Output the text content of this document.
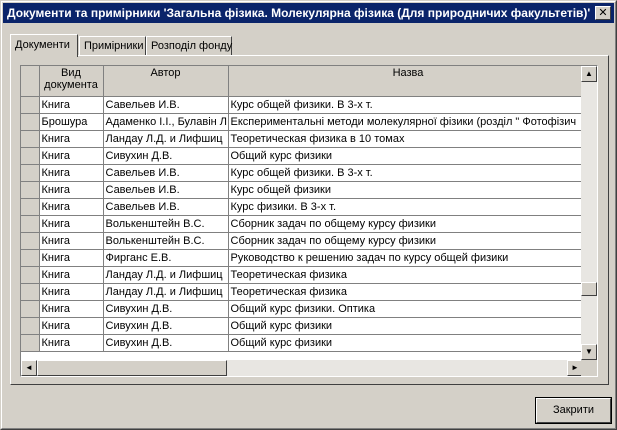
Документи та примірники 'Загальна фізика. Молекулярна фізика (Для природничих факультетів)' ✕
Документи	Примірники Розподіл фонду
	Вид документа	Автор	Назва
	Книга	Савельев И.В.	Курс общей физики. В 3-х т.
	Брошура	Адаменко І.І., Булавін Л	Експериментальні методи молекулярної фізики (розділ " Фотофізич
	Книга	Ландау Л.Д. и Лифшиц	Теоретическая физика в 10 томах
	Книга	Сивухин Д.В.	Общий курс физики
	Книга	Савельев И.В.	Курс общей физики. В 3-х т.
	Книга	Савельев И.В.	Курс общей физики
	Книга	Савельев И.В.	Курс физики. В 3-х т.
	Книга	Волькенштейн В.С.	Сборник задач по общему курсу физики
	Книга	Волькенштейн В.С.	Сборник задач по общему курсу физики
	Книга	Фирганс Е.В.	Руководство к решению задач по курсу общей физики
	Книга	Ландау Л.Д. и Лифшиц	Теоретическая физика
	Книга	Ландау Л.Д. и Лифшиц	Теоретическая физика
	Книга	Сивухин Д.В.	Общий курс физики. Оптика
	Книга	Сивухин Д.В.	Общий курс физики
	Книга	Сивухин Д.В.	Общий курс физики
▲
▼
◄	►
Закрити
